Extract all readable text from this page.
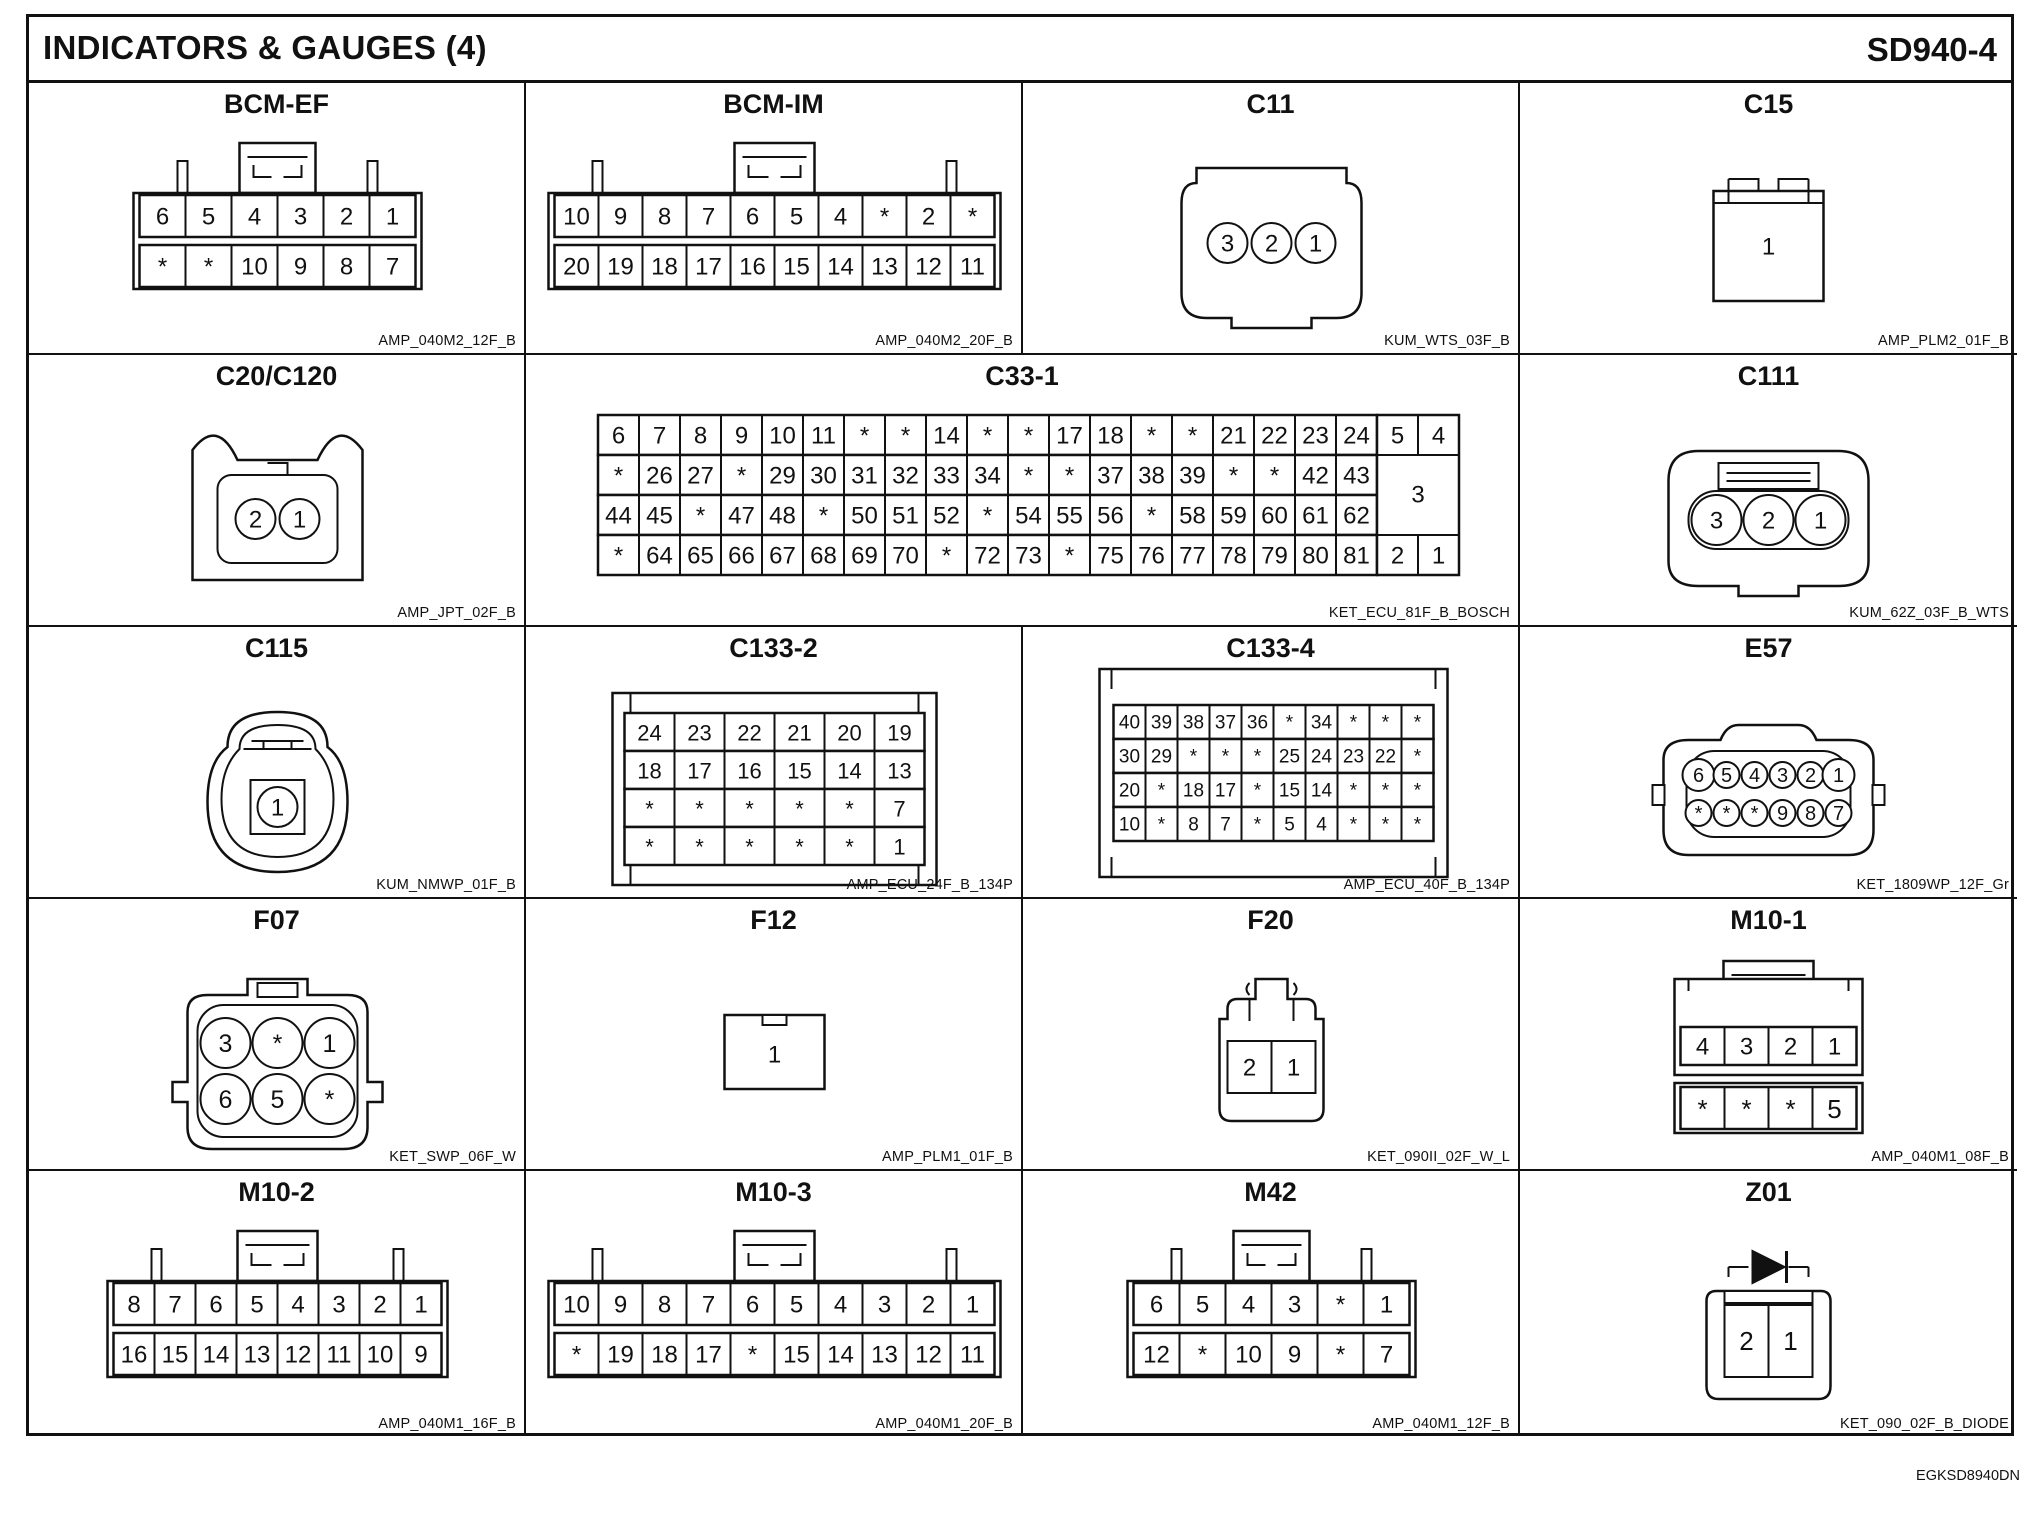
INDICATORS & GAUGES (4)	SD940-4
6 5 4 3 2 1
* * 10 9 8 7
BCM-EF
AMP_040M2_12F_B
10 9 8 7 6 5 4 * 2 *
20 19 18 17 16 15 14 13 12 11
BCM-IM
AMP_040M2_20F_B
3 2 1
C11
KUM_WTS_03F_B
1
C15
AMP_PLM2_01F_B
2 1
C20/C120
AMP_JPT_02F_B
6 7 8 9 10 11 * * 14 * * 17 18 * * 21 22 23 24
* 26 27 * 29 30 31 32 33 34 * * 37 38 39 * * 42 43
44 45 * 47 48 * 50 51 52 * 54 55 56 * 58 59 60 61 62
* 64 65 66 67 68 69 70 * 72 73 * 75 76 77 78 79 80 81
5 4
3
2 1
C33-1
KET_ECU_81F_B_BOSCH
3 2 1
C111
KUM_62Z_03F_B_WTS
1
C115
KUM_NMWP_01F_B
24 23 22 21 20 19
18 17 16 15 14 13
* * * * * 7
* * * * * 1
C133-2
AMP_ECU_24F_B_134P
40 39 38 37 36 * 34 * * *
30 29 * * * 25 24 23 22 *
20 * 18 17 * 15 14 * * *
10 * 8 7 * 5 4 * * *
C133-4
AMP_ECU_40F_B_134P
6 5 4 3 2 1
* * * 9 8 7
E57
KET_1809WP_12F_Gr
3 * 1
6 5 *
F07
KET_SWP_06F_W
1
F12
AMP_PLM1_01F_B
2 1
F20
KET_090II_02F_W_L
4 3 2 1
* * * 5
M10-1
AMP_040M1_08F_B
8 7 6 5 4 3 2 1
16 15 14 13 12 11 10 9
M10-2
AMP_040M1_16F_B
10 9 8 7 6 5 4 3 2 1
* 19 18 17 * 15 14 13 12 11
M10-3
AMP_040M1_20F_B
6 5 4 3 * 1
12 * 10 9 * 7
M42
AMP_040M1_12F_B
2 1
Z01
KET_090_02F_B_DIODE
EGKSD8940DN
